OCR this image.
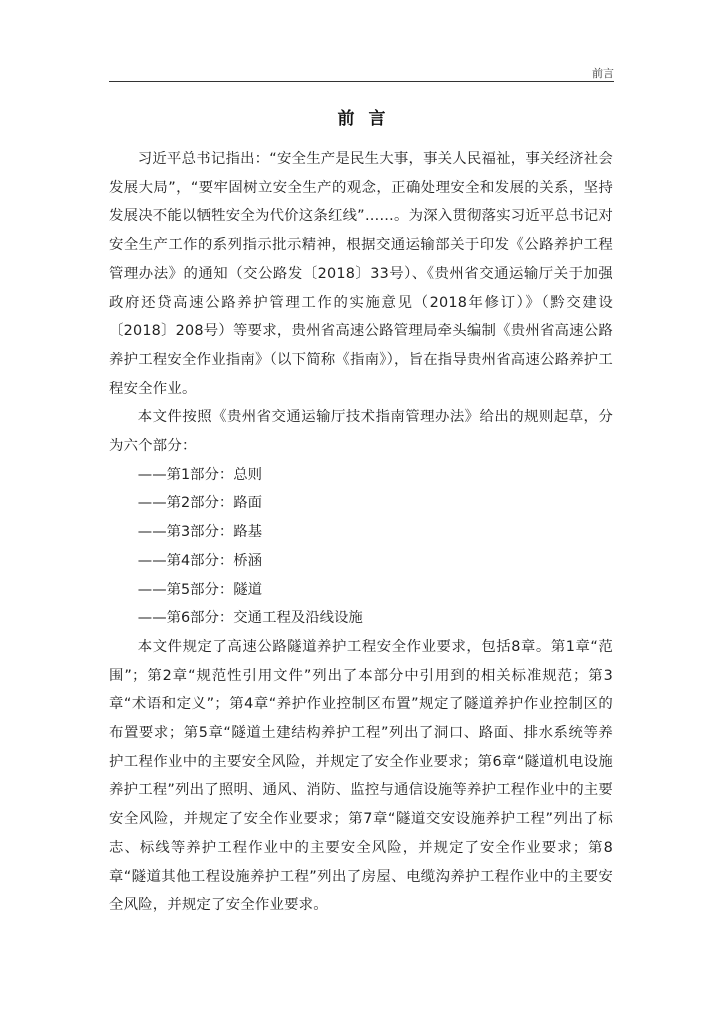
前言
前言

习近平总书记指出：“安全生产是民生大事，事关人民福祉，事关经济社会发展大局”，“要牢固树立安全生产的观念，正确处理安全和发展的关系，坚持发展决不能以牺牲安全为代价这条红线”……。为深入贯彻落实习近平总书记对安全生产工作的系列指示批示精神，根据交通运输部关于印发《公路养护工程管理办法》的通知（交公路发〔2018〕33号）、《贵州省交通运输厅关于加强政府还贷高速公路养护管理工作的实施意见（2018年修订）》（黔交建设〔2018〕208号）等要求，贵州省高速公路管理局牵头编制《贵州省高速公路养护工程安全作业指南》（以下简称《指南》），旨在指导贵州省高速公路养护工程安全作业。

本文件按照《贵州省交通运输厅技术指南管理办法》给出的规则起草，分为六个部分：

——第1部分：总则

——第2部分：路面

——第3部分：路基

——第4部分：桥涵

——第5部分：隧道

——第6部分：交通工程及沿线设施

本文件规定了高速公路隧道养护工程安全作业要求，包括8章。第1章“范围”；第2章“规范性引用文件”列出了本部分中引用到的相关标准规范；第3章“术语和定义”；第4章“养护作业控制区布置”规定了隧道养护作业控制区的布置要求；第5章“隧道土建结构养护工程”列出了洞口、路面、排水系统等养护工程作业中的主要安全风险，并规定了安全作业要求；第6章“隧道机电设施养护工程”列出了照明、通风、消防、监控与通信设施等养护工程作业中的主要安全风险，并规定了安全作业要求；第7章“隧道交安设施养护工程”列出了标志、标线等养护工程作业中的主要安全风险，并规定了安全作业要求；第8章“隧道其他工程设施养护工程”列出了房屋、电缆沟养护工程作业中的主要安全风险，并规定了安全作业要求。
